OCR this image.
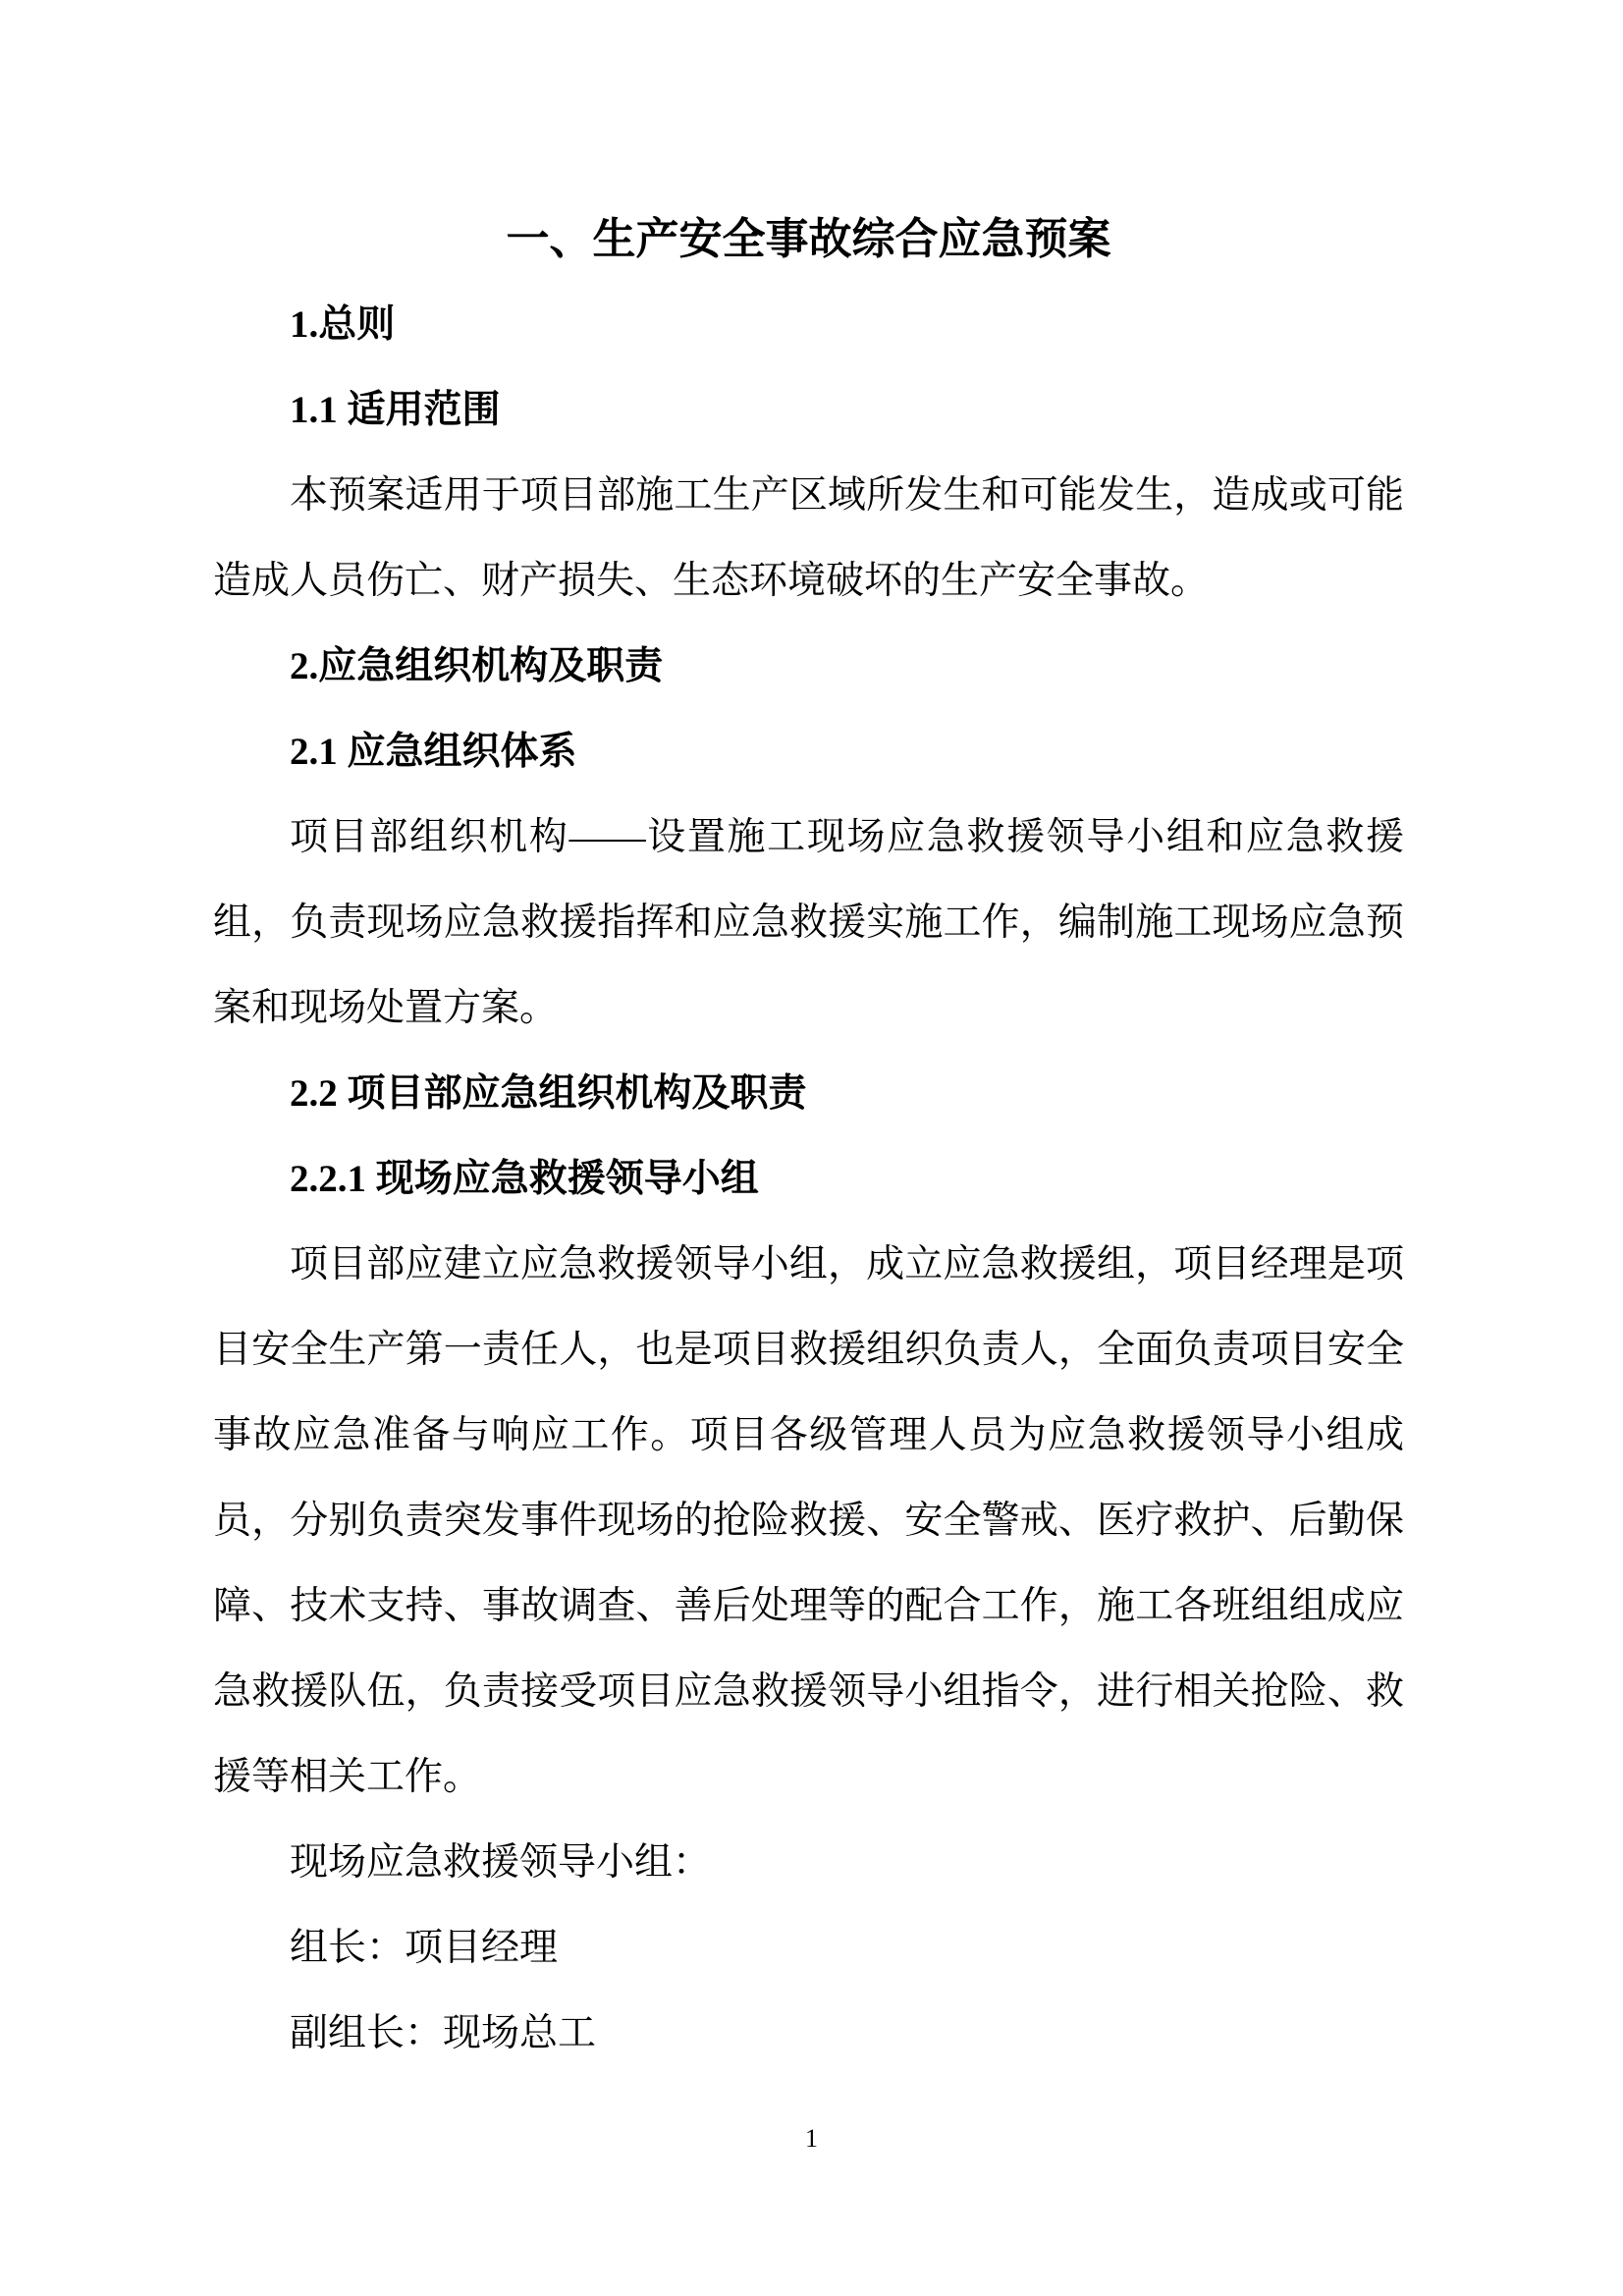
一、生产安全事故综合应急预案

1.总则

1.1 适用范围

本预案适用于项目部施工生产区域所发生和可能发生，造成或可能造成人员伤亡、财产损失、生态环境破坏的生产安全事故。

2.应急组织机构及职责

2.1 应急组织体系

项目部组织机构——设置施工现场应急救援领导小组和应急救援组，负责现场应急救援指挥和应急救援实施工作，编制施工现场应急预案和现场处置方案。

2.2 项目部应急组织机构及职责

2.2.1 现场应急救援领导小组

项目部应建立应急救援领导小组，成立应急救援组，项目经理是项目安全生产第一责任人，也是项目救援组织负责人，全面负责项目安全事故应急准备与响应工作。项目各级管理人员为应急救援领导小组成员，分别负责突发事件现场的抢险救援、安全警戒、医疗救护、后勤保障、技术支持、事故调查、善后处理等的配合工作，施工各班组组成应急救援队伍，负责接受项目应急救援领导小组指令，进行相关抢险、救援等相关工作。

现场应急救援领导小组：

组长：项目经理

副组长：现场总工

1
